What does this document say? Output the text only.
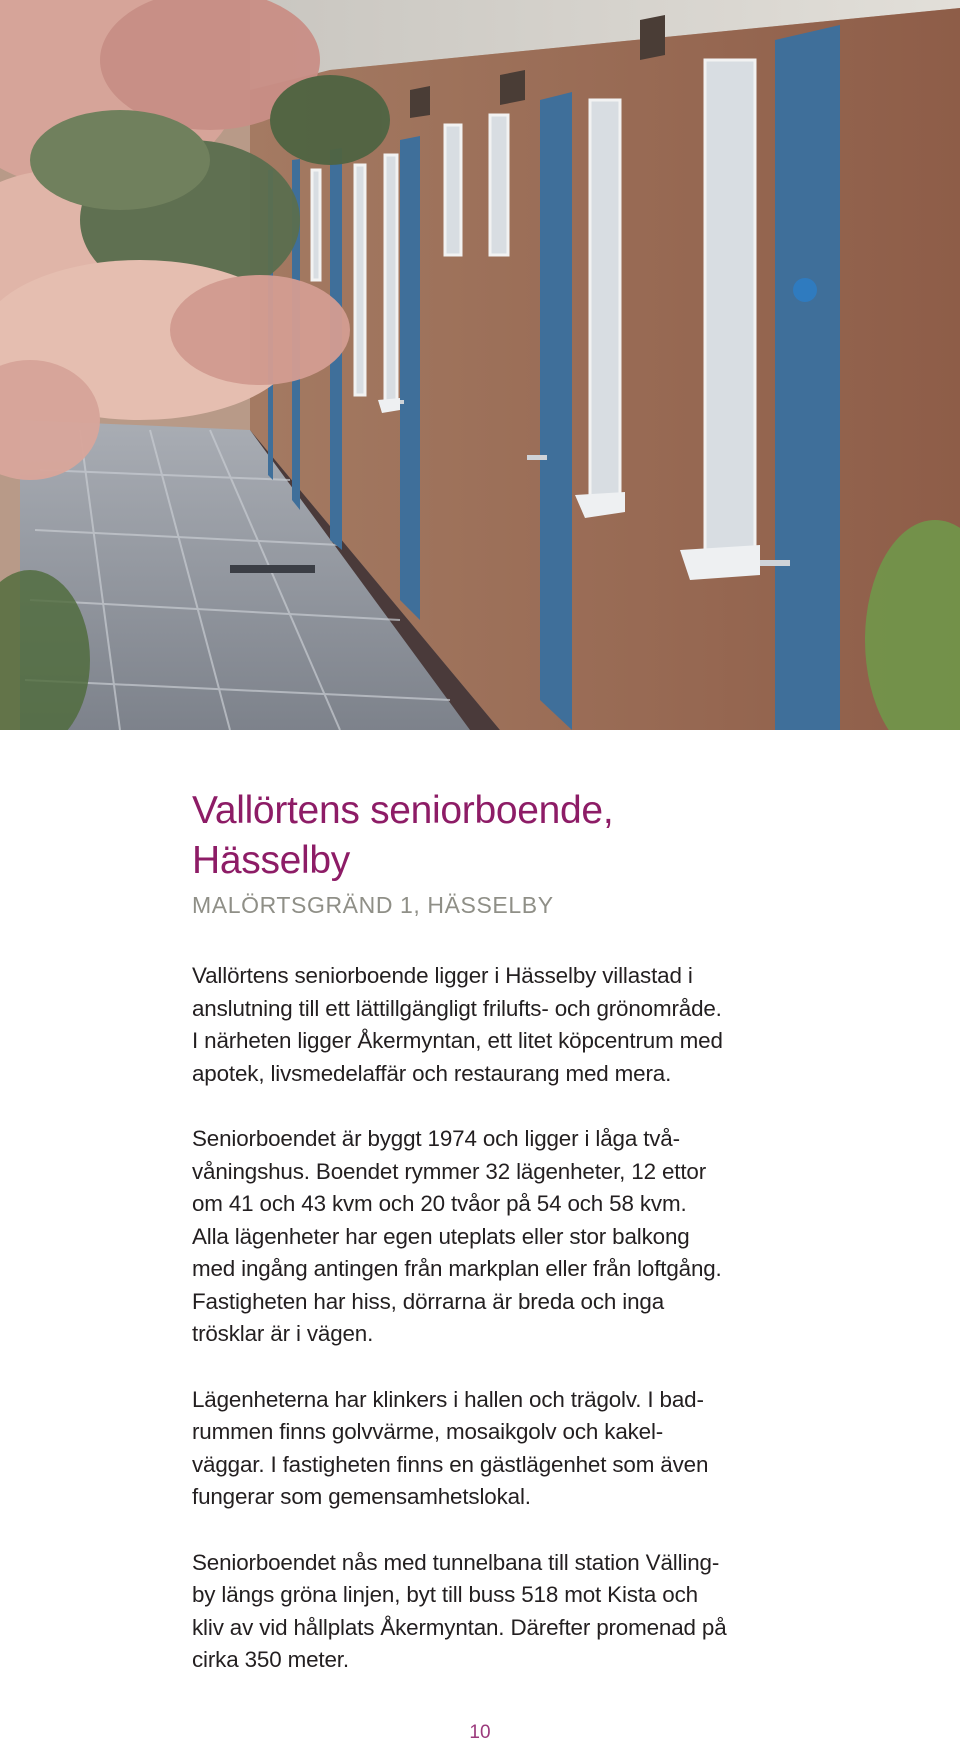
Vallörtens seniorboende,
Hässelby

MALÖRTSGRÄND 1, HÄSSELBY

Vallörtens seniorboende ligger i Hässelby villastad i
anslutning till ett lättillgängligt frilufts- och grönområde.
I närheten ligger Åkermyntan, ett litet köpcentrum med
apotek, livsmedelaffär och restaurang med mera.

Seniorboendet är byggt 1974 och ligger i låga två-
våningshus. Boendet rymmer 32 lägenheter, 12 ettor
om 41 och 43 kvm och 20 tvåor på 54 och 58 kvm.
Alla lägenheter har egen uteplats eller stor balkong
med ingång antingen från markplan eller från loftgång.
Fastigheten har hiss, dörrarna är breda och inga
trösklar är i vägen.

Lägenheterna har klinkers i hallen och trägolv. I bad-
rummen finns golvvärme, mosaikgolv och kakel-
väggar. I fastigheten finns en gästlägenhet som även
fungerar som gemensamhetslokal.

Seniorboendet nås med tunnelbana till station Välling-
by längs gröna linjen, byt till buss 518 mot Kista och
kliv av vid hållplats Åkermyntan. Därefter promenad på
cirka 350 meter.

10
